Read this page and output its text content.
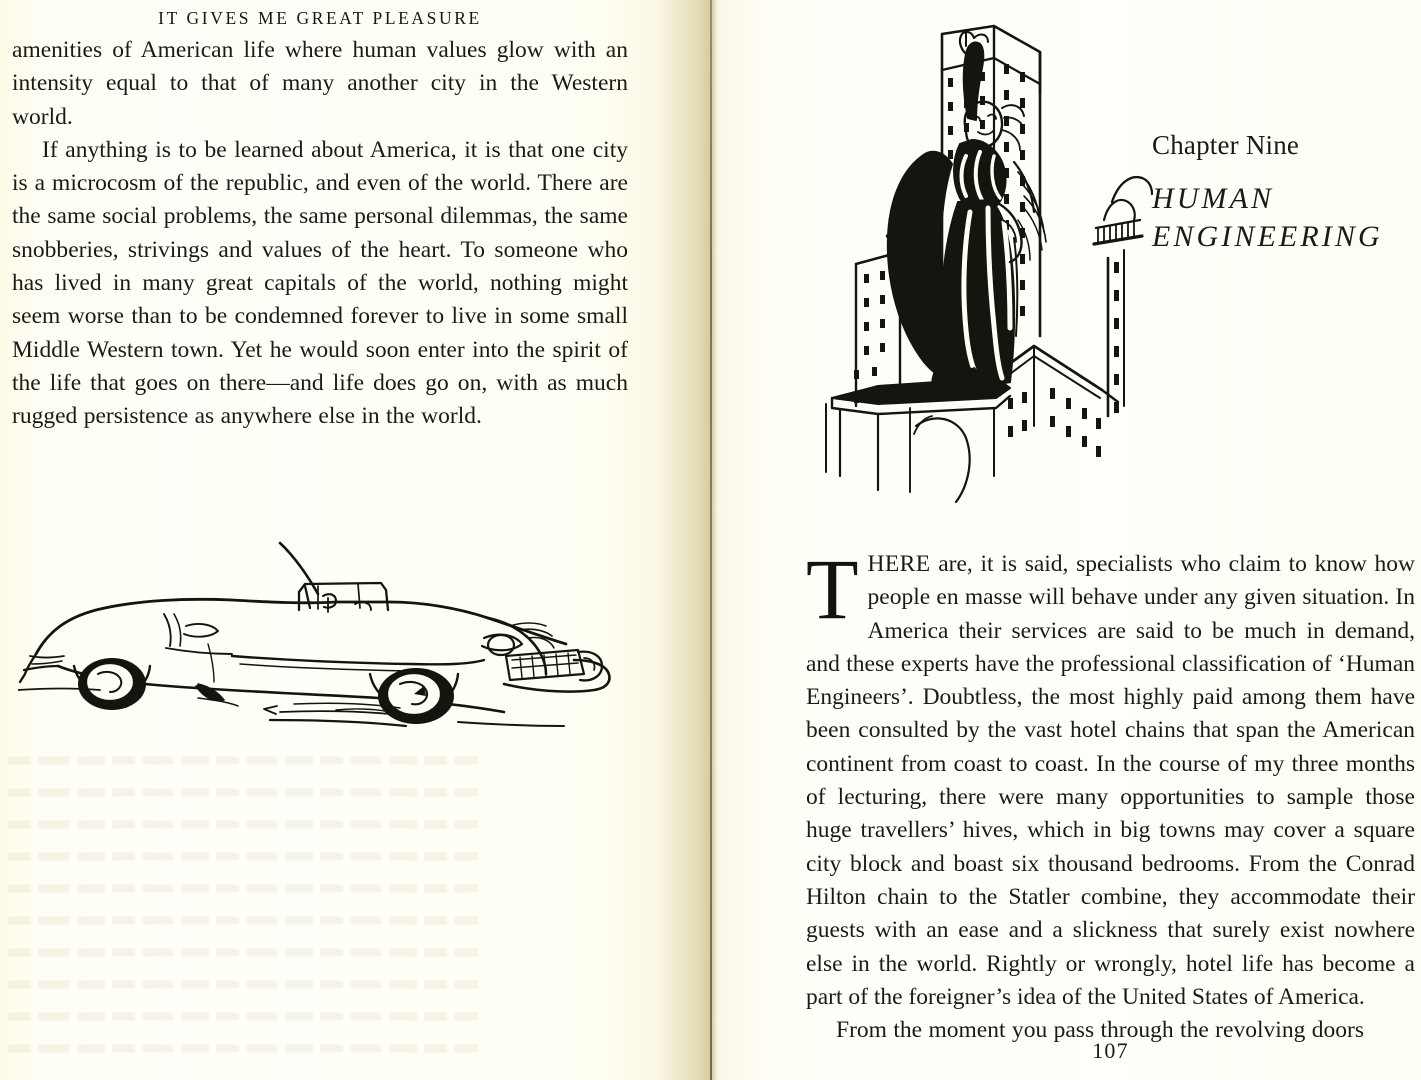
IT GIVES ME GREAT PLEASURE

amenities of American life where human values glow with an intensity equal to that of many another city in the Western world.

If anything is to be learned about America, it is that one city is a microcosm of the republic, and even of the world. There are the same social problems, the same personal dilemmas, the same snobberies, strivings and values of the heart. To someone who has lived in many great capitals of the world, nothing might seem worse than to be condemned forever to live in some small Middle Western town. Yet he would soon enter into the spirit of the life that goes on there—and life does go on, with as much rugged persistence as anywhere else in the world.

Chapter Nine
HUMAN
ENGINEERING

THERE are, it is said, specialists who claim to know how people en masse will behave under any given situation. In America their services are said to be much in demand, and these experts have the professional classification of ‘Human Engineers’. Doubtless, the most highly paid among them have been consulted by the vast hotel chains that span the American continent from coast to coast. In the course of my three months of lecturing, there were many opportunities to sample those huge travellers’ hives, which in big towns may cover a square city block and boast six thousand bedrooms. From the Conrad Hilton chain to the Statler combine, they accommodate their guests with an ease and a slickness that surely exist nowhere else in the world. Rightly or wrongly, hotel life has become a part of the foreigner’s idea of the United States of America.

From the moment you pass through the revolving doors

107
